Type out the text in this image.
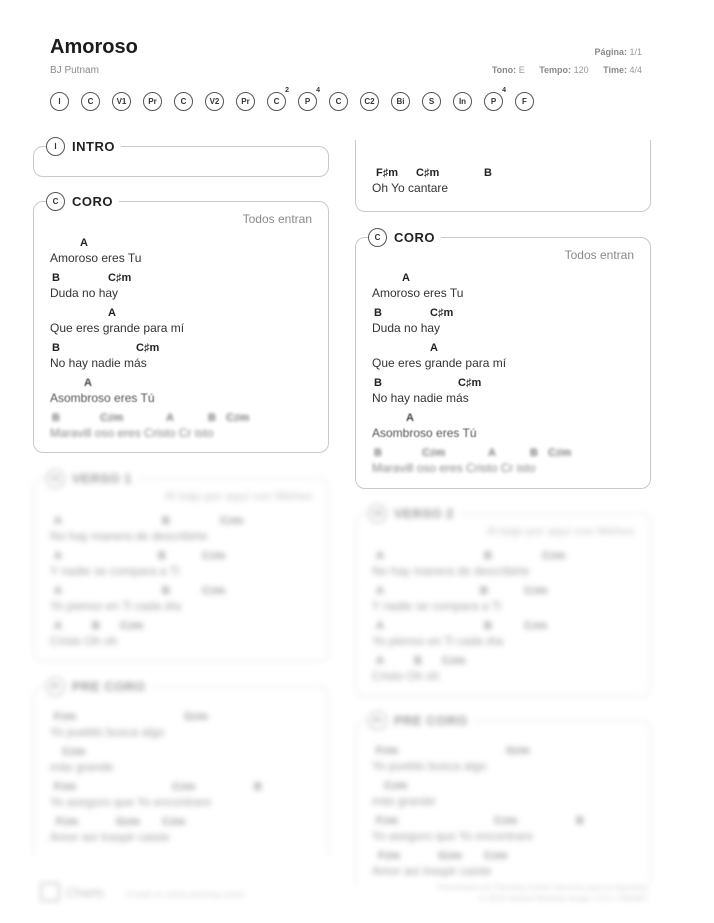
Amoroso
BJ Putnam
Página: 1/1
Tono: E Tempo: 120 Time: 4/4
I	C	V1	Pr	C	V2	Pr	C
2
P
4
C	C2	Bi	S	In	P
4
F
I	INTRO
C	CORO
Todos entran
A
Amoroso eres Tu
B	C♯m
Duda no hay
A
Que eres grande para mí
B	C♯m
No hay nadie más
A
Asombroso eres Tú
B	C♯m	A	B C♯m
Maravill oso eres Cristo Cr isto
V1 VERSO 1
Al bajo por aquí con Wehes
A	B	C♯m
No hay manera de describirte
A	B	C♯m
Y nadie se compara a Ti
A	B	C♯m
Yo pienso en Ti cada día
A	B C♯m
Cristo Oh oh
Pr PRE CORO
F♯m	G♯m
Yo pueblo busca algo
C♯m
más grande
F♯m	C♯m	B
Yo aseguro que Yo encontrare
F♯m	G♯m C♯m
Amor así traspir caiste
F♯m C♯m	B
Oh Yo cantare
C	CORO
Todos entran
A
Amoroso eres Tu
B	C♯m
Duda no hay
A
Que eres grande para mí
B	C♯m
No hay nadie más
A
Asombroso eres Tú
B	C♯m	A	B C♯m
Maravill oso eres Cristo Cr isto
V2 VERSO 2
Al bajo por aquí con Wehes
A	B	C♯m
No hay manera de describirte
A	B	C♯m
Y nadie se compara a Ti
A	B	C♯m
Yo pienso en Ti cada día
A	B C♯m
Cristo Oh oh
Pr PRE CORO
F♯m	G♯m
Yo pueblo busca algo
C♯m
más grande
F♯m	C♯m	B
Yo aseguro que Yo encontrare
F♯m	G♯m C♯m
Amor así traspir caiste
Charts	Creado en charts.planning center
Presentado por Planning Center Services para la impresión
© 2016 Vertical Worship Songs / CCLI 7091987
